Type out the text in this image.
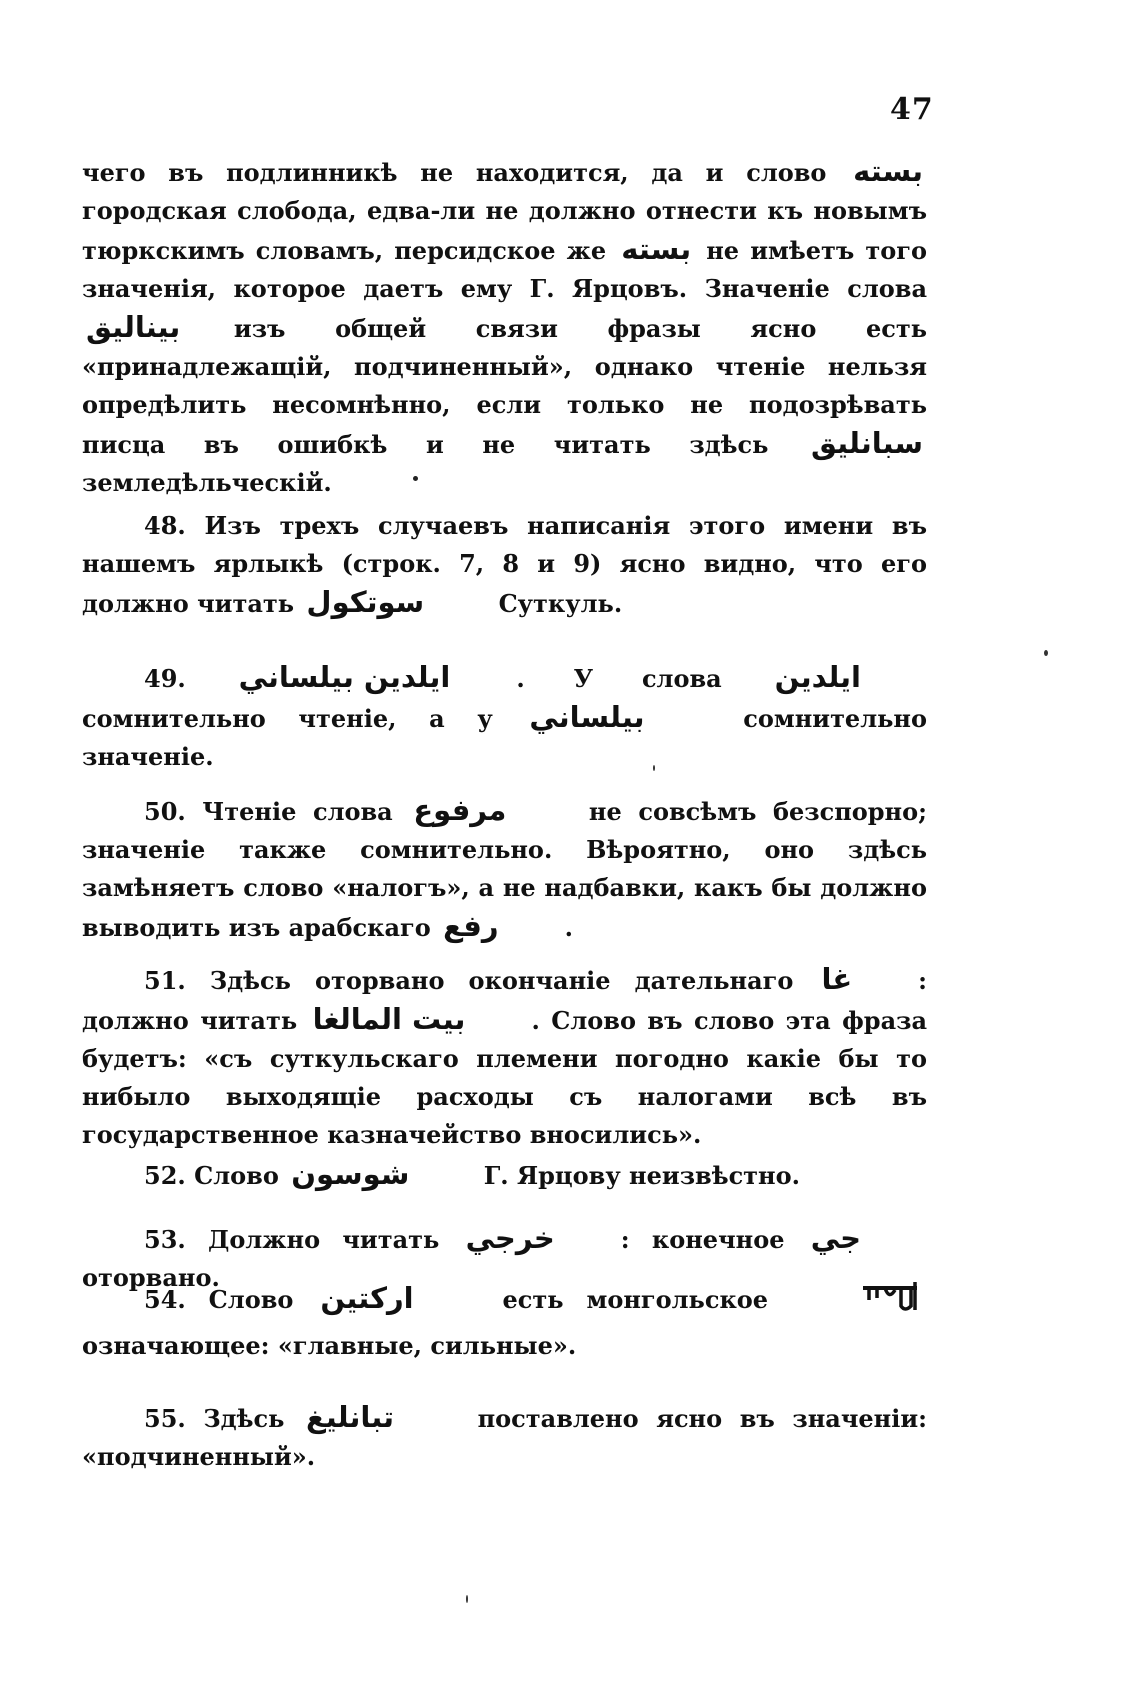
47

чего въ подлинникѣ не находится, да и слово بسته городская слобода, едва-ли не должно отнести къ новымъ тюркскимъ словамъ, персидское же بسته не имѣетъ того значенія, которое даетъ ему Г. Ярцовъ. Значеніе слова بيناليق изъ общей связи фразы ясно есть «принадлежащій, подчиненный», однако чтеніе нельзя опредѣлить несомнѣнно, если только не подозрѣвать писца въ ошибкѣ и не читать здѣсь سبانليق земледѣльческій.

48. Изъ трехъ случаевъ написанія этого имени въ нашемъ ярлыкѣ (строк. 7, 8 и 9) ясно видно, что его должно читать سوتكول	Суткуль.

49. ايلدين بيلساني	. У слова ايلدين сомнительно чтеніе, а у بيلساني	сомнительно значеніе.

50. Чтеніе слова مرفوع	не совсѣмъ безспорно; значеніе также сомнительно. Вѣроятно, оно здѣсь замѣняетъ слово «налогъ», а не надбавки, какъ бы должно выводить изъ арабскаго رفع	.

51. Здѣсь оторвано окончаніе дательнаго غا	: должно читать بيت المالغا	. Слово въ слово эта фраза будетъ: «съ суткульскаго племени погодно какіе бы то нибыло выходящіе расходы съ налогами всѣ въ государственное казначейство вносились».

52. Слово شوسون	Г. Ярцову неизвѣстно.

53. Должно читать خرجي	: конечное جي оторвано.

54. Слово اركتين	есть монгольское  означающее: «главные, сильные».

55. Здѣсь تبانليغ	поставлено ясно въ значеніи: «подчиненный».
